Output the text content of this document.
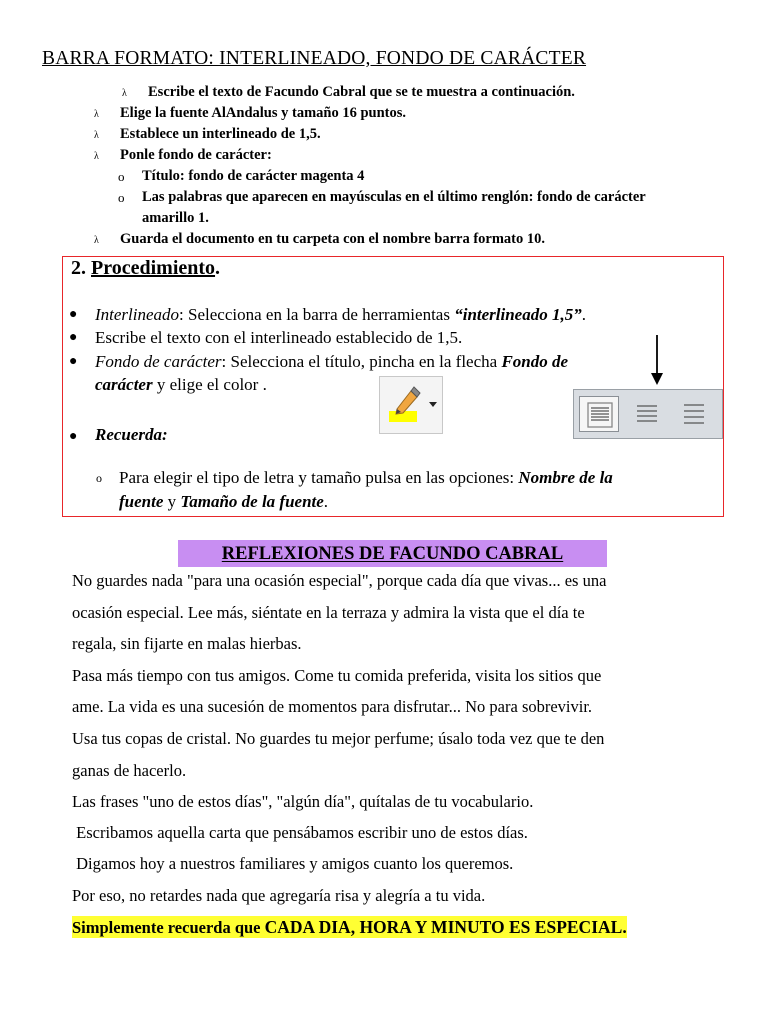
BARRA FORMATO: INTERLINEADO, FONDO DE CARÁCTER
λ Escribe el texto de Facundo Cabral que se te muestra a continuación.
λ Elige la fuente AlAndalus y tamaño 16 puntos.
λ Establece un interlineado de 1,5.
λ Ponle fondo de carácter:
o Título: fondo de carácter magenta 4
o Las palabras que aparecen en mayúsculas en el último renglón: fondo de carácter amarillo 1.
λ Guarda el documento en tu carpeta con el nombre barra formato 10.
2. Procedimiento.
● Interlineado: Selecciona en la barra de herramientas “interlineado 1,5”.
● Escribe el texto con el interlineado establecido de 1,5.
● Fondo de carácter: Selecciona el título, pincha en la flecha Fondo de
carácter y elige el color .
● Recuerda:
o Para elegir el tipo de letra y tamaño pulsa en las opciones: Nombre de la
fuente y Tamaño de la fuente.
REFLEXIONES DE FACUNDO CABRAL
No guardes nada "para una ocasión especial", porque cada día que vivas... es una
ocasión especial. Lee más, siéntate en la terraza y admira la vista que el día te
regala, sin fijarte en malas hierbas.
Pasa más tiempo con tus amigos. Come tu comida preferida, visita los sitios que
ame. La vida es una sucesión de momentos para disfrutar... No para sobrevivir.
Usa tus copas de cristal. No guardes tu mejor perfume; úsalo toda vez que te den
ganas de hacerlo.
Las frases "uno de estos días", "algún día", quítalas de tu vocabulario.
Escribamos aquella carta que pensábamos escribir uno de estos días.
Digamos hoy a nuestros familiares y amigos cuanto los queremos.
Por eso, no retardes nada que agregaría risa y alegría a tu vida.
Simplemente recuerda que CADA DIA, HORA Y MINUTO ES ESPECIAL.
